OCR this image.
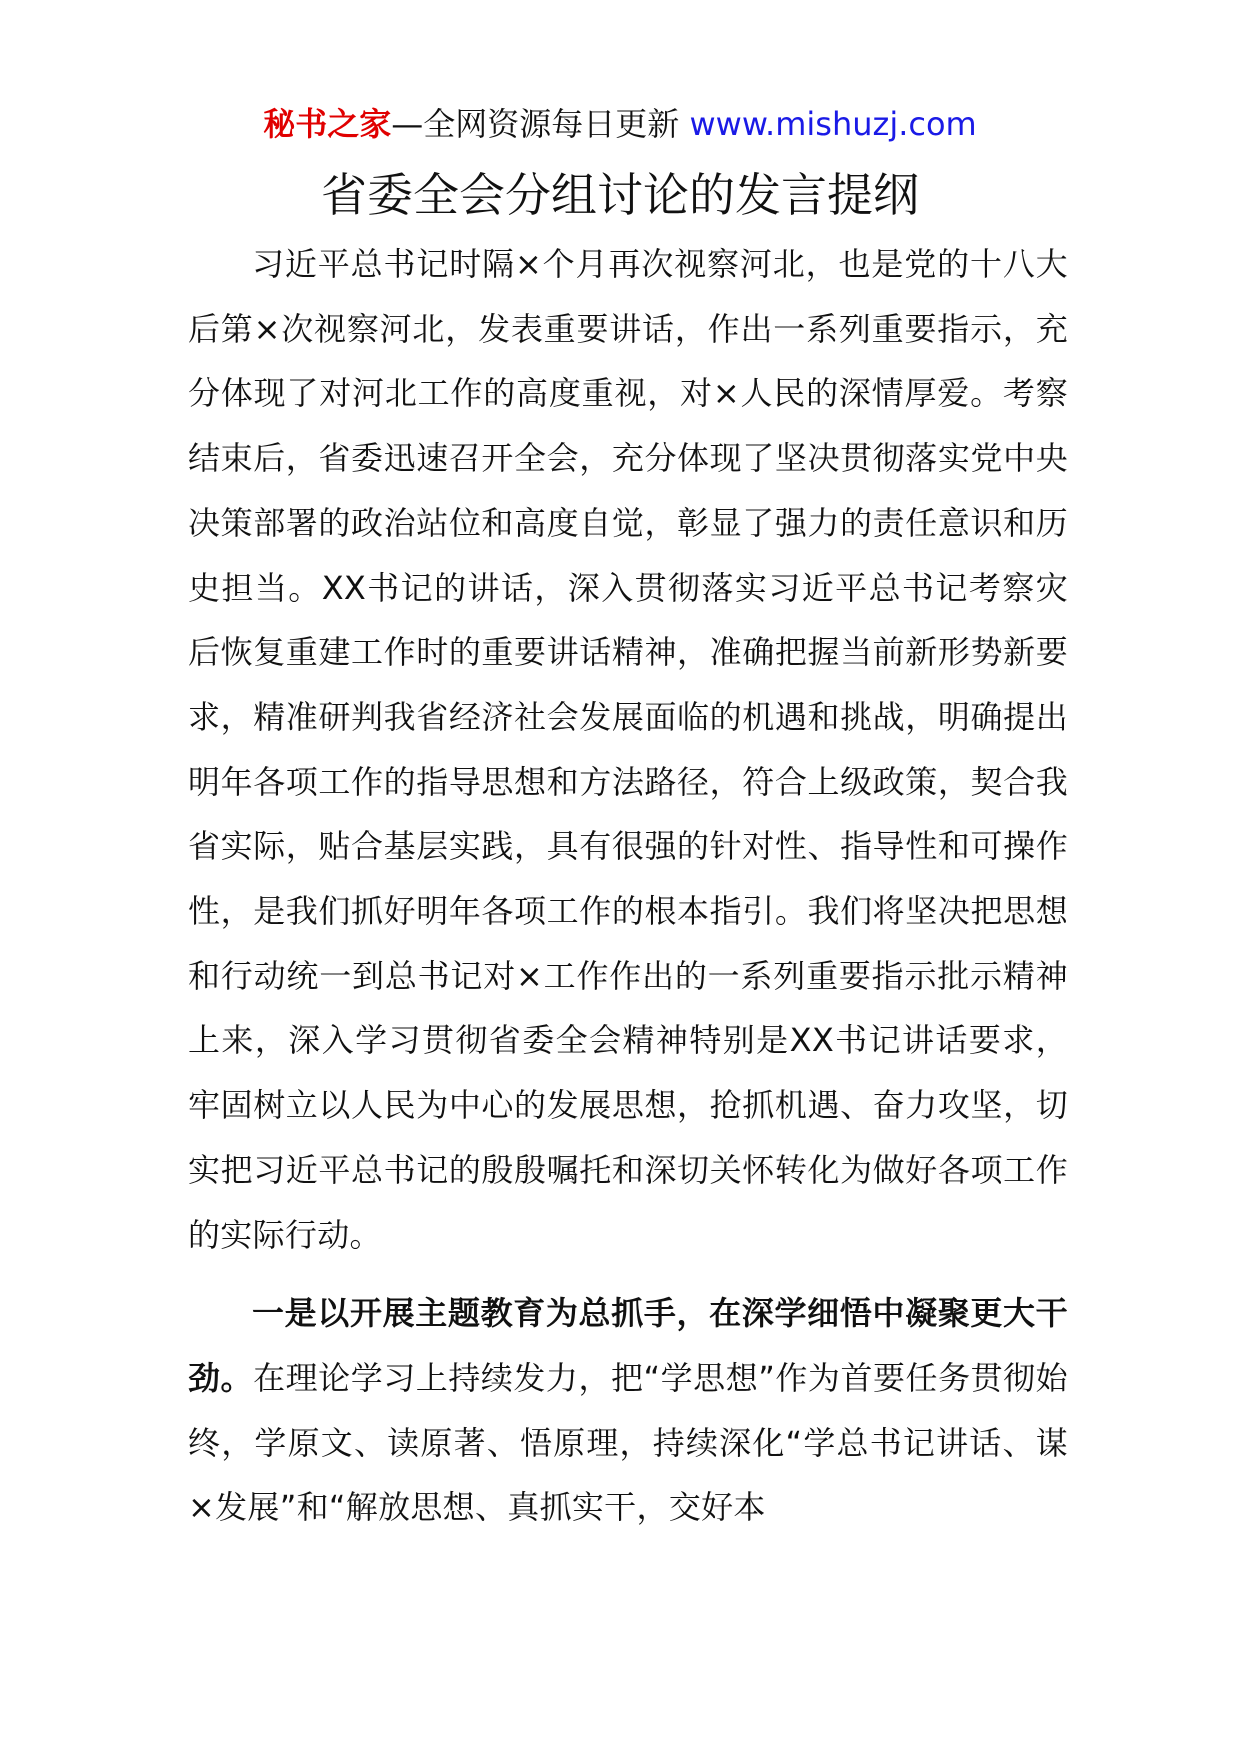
秘书之家—全网资源每日更新 www.mishuzj.com
省委全会分组讨论的发言提纲

习近平总书记时隔×个月再次视察河北，也是党的十八大后第×次视察河北，发表重要讲话，作出一系列重要指示，充分体现了对河北工作的高度重视，对×人民的深情厚爱。考察结束后，省委迅速召开全会，充分体现了坚决贯彻落实党中央决策部署的政治站位和高度自觉，彰显了强力的责任意识和历史担当。XX书记的讲话，深入贯彻落实习近平总书记考察灾后恢复重建工作时的重要讲话精神，准确把握当前新形势新要求，精准研判我省经济社会发展面临的机遇和挑战，明确提出明年各项工作的指导思想和方法路径，符合上级政策，契合我省实际，贴合基层实践，具有很强的针对性、指导性和可操作性，是我们抓好明年各项工作的根本指引。我们将坚决把思想和行动统一到总书记对×工作作出的一系列重要指示批示精神上来，深入学习贯彻省委全会精神特别是XX书记讲话要求，牢固树立以人民为中心的发展思想，抢抓机遇、奋力攻坚，切实把习近平总书记的殷殷嘱托和深切关怀转化为做好各项工作的实际行动。

一是以开展主题教育为总抓手，在深学细悟中凝聚更大干劲。在理论学习上持续发力，把“学思想”作为首要任务贯彻始终，学原文、读原著、悟原理，持续深化“学总书记讲话、谋×发展”和“解放思想、真抓实干，交好本
